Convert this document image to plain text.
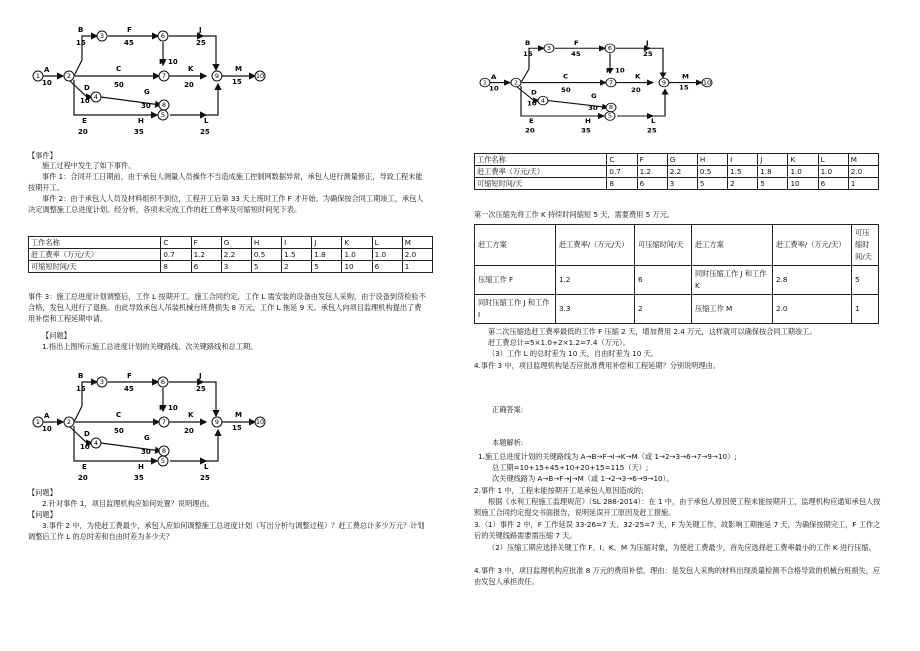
A
10
B
15
F
45
J
25
I 10
C
50
K
20
M
15
D
10
G
30
E
20
H
35
L
25
1	2
3
4
5
6
7
8
9	10
【事件】
施工过程中发生了如下事件。
事件 1：合同开工日期前，由于承包人测量人员操作不当造成施工控制网数据异常，承包人进行测量修正，导致工程未能按期开工。
事件 2：由于承包人人员及材料组织不到位，工程开工后第 33 天上班时工作 F 才开始。为确保按合同工期竣工，承包人决定调整施工总进度计划。经分析，各项未完成工作的赶工费率及可缩短时间见下表。
工作名称	C	F	G	H	I	J	K	L	M
赶工费率（万元/天）	0.7	1.2	2.2	0.5	1.5	1.8	1.0	1.0	2.0
可缩短时间/天	8	6	3	5	2	5	10	6	1
事件 3：施工总进度计划调整后，工作 L 按期开工。施工合同约定，工作 L 需安装的设备由发包人采购，由于设备到货检验不合格，发包人进行了退换。由此导致承包人吊装机械台班费损失 8 万元，工作 L 拖延 9 天。承包人向项目监理机构提出了费用补偿和工程延期申请。
【问题】
1.指出上图所示施工总进度计划的关键路线、次关键路线和总工期。
A
10
B
15
F
45
J
25
I 10
C
50
K
20
M
15
D
10
G
30
E
20
H
35
L
25
1	2
3
4
5
6
7
8
9	10
【问题】
2.针对事件 1，项目监理机构应如何处置？说明理由。
【问题】
3.事件 2 中，为使赶工费最少，承包人应如何调整施工总进度计划（写出分析与调整过程）？赶工费总计多少万元？计划调整后工作 L 的总时差和自由时差为多少天？
A
10
B
15
F
45
J
25
I 10
C
50
K
20
M
15
D
10
G
30
E
20
H
35
L
25
1	2
3
4
5
6
7
8
9	10
工作名称	C	F	G	H	I	J	K	L	M
赶工费率（万元/天）	0.7	1.2	2.2	0.5	1.5	1.8	1.0	1.0	2.0
可缩短时间/天	8	6	3	5	2	5	10	6	1
第一次压缩先将工作 K 持续时间缩短 5 天，需要费用 5 万元。
赶工方案	赶工费率/（万元/天）	可压缩时间/天	赶工方案	赶工费率/（万元/天）	可压缩时间/天
压缩工作 F	1.2	6	同时压缩工作 J 和工作 K	2.8	5
同时压缩工作 J 和工作 I	3.3	2	压缩工作 M	2.0	1
第二次压缩选赶工费率最低的工作 F 压缩 2 天，增加费用 2.4 万元，这样就可以确保按合同工期竣工。
赶工费总计=5×1.0+2×1.2=7.4（万元）。
（3）工作 L 的总时差为 10 天，自由时差为 10 天。
4.事件 3 中，项目监理机构是否应批准费用补偿和工程延期？分别说明理由。
正确答案:
本题解析:
1.施工总进度计划的关键路线为 A→B→F→I→K→M（或 1→2→3→6→7→9→10）;
总工期=10+15+45+10+20+15=115（天）;
次关键线路为 A→B→F→J→M（或 1→2→3→6→9→10）。
2.事件 1 中，工程未能按期开工是承包人原因造成的;
根据《水利工程施工监理规范》（SL 288-2014）：在 1 中，由于承包人原因使工程未能按期开工，监理机构应通知承包人按照施工合同约定提交书面报告，说明延误开工原因及赶工措施。
3.（1）事件 2 中，F 工作延误 33-26=7 天、32-25=7 天，F 为关键工作，故影响工期拖延 7 天，为确保按期完工，F 工作之后的关键线路需要需压缩 7 天。
（2）压缩工期应选择关键工作 F、I、K、M 为压缩对象，为使赶工费最少，首先应选择赶工费率最小的工作 K 进行压缩。
4.事件 3 中，项目监理机构应批准 8 万元的费用补偿。理由：是发包人采购的材料出现质量检测不合格导致的机械台班损失，应由发包人承担责任。
